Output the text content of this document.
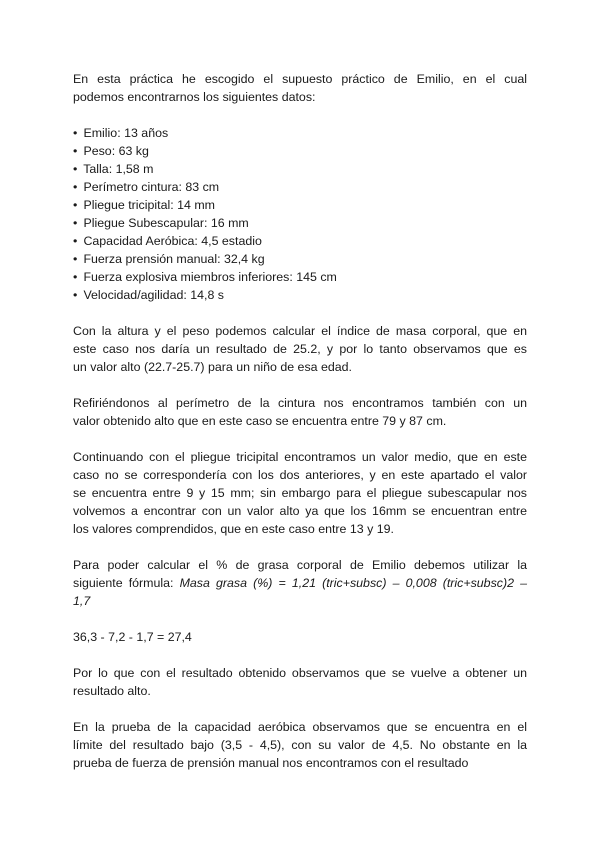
En esta práctica he escogido el supuesto práctico de Emilio, en el cual
podemos encontrarnos los siguientes datos:

• Emilio: 13 años
• Peso: 63 kg
• Talla: 1,58 m
• Perímetro cintura: 83 cm
• Pliegue tricipital: 14 mm
• Pliegue Subescapular: 16 mm
• Capacidad Aeróbica: 4,5 estadio
• Fuerza prensión manual: 32,4 kg
• Fuerza explosiva miembros inferiores: 145 cm
• Velocidad/agilidad: 14,8 s

Con la altura y el peso podemos calcular el índice de masa corporal, que en
este caso nos daría un resultado de 25.2, y por lo tanto observamos que es
un valor alto (22.7-25.7) para un niño de esa edad.

Refiriéndonos al perímetro de la cintura nos encontramos también con un
valor obtenido alto que en este caso se encuentra entre 79 y 87 cm.

Continuando con el pliegue tricipital encontramos un valor medio, que en este
caso no se correspondería con los dos anteriores, y en este apartado el valor
se encuentra entre 9 y 15 mm; sin embargo para el pliegue subescapular nos
volvemos a encontrar con un valor alto ya que los 16mm se encuentran entre
los valores comprendidos, que en este caso entre 13 y 19.

Para poder calcular el % de grasa corporal de Emilio debemos utilizar la
siguiente fórmula: Masa grasa (%) = 1,21 (tric+subsc) – 0,008 (tric+subsc)2 –
1,7

36,3 - 7,2 - 1,7 = 27,4

Por lo que con el resultado obtenido observamos que se vuelve a obtener un
resultado alto.

En la prueba de la capacidad aeróbica observamos que se encuentra en el
límite del resultado bajo (3,5 - 4,5), con su valor de 4,5. No obstante en la
prueba de fuerza de prensión manual nos encontramos con el resultado
